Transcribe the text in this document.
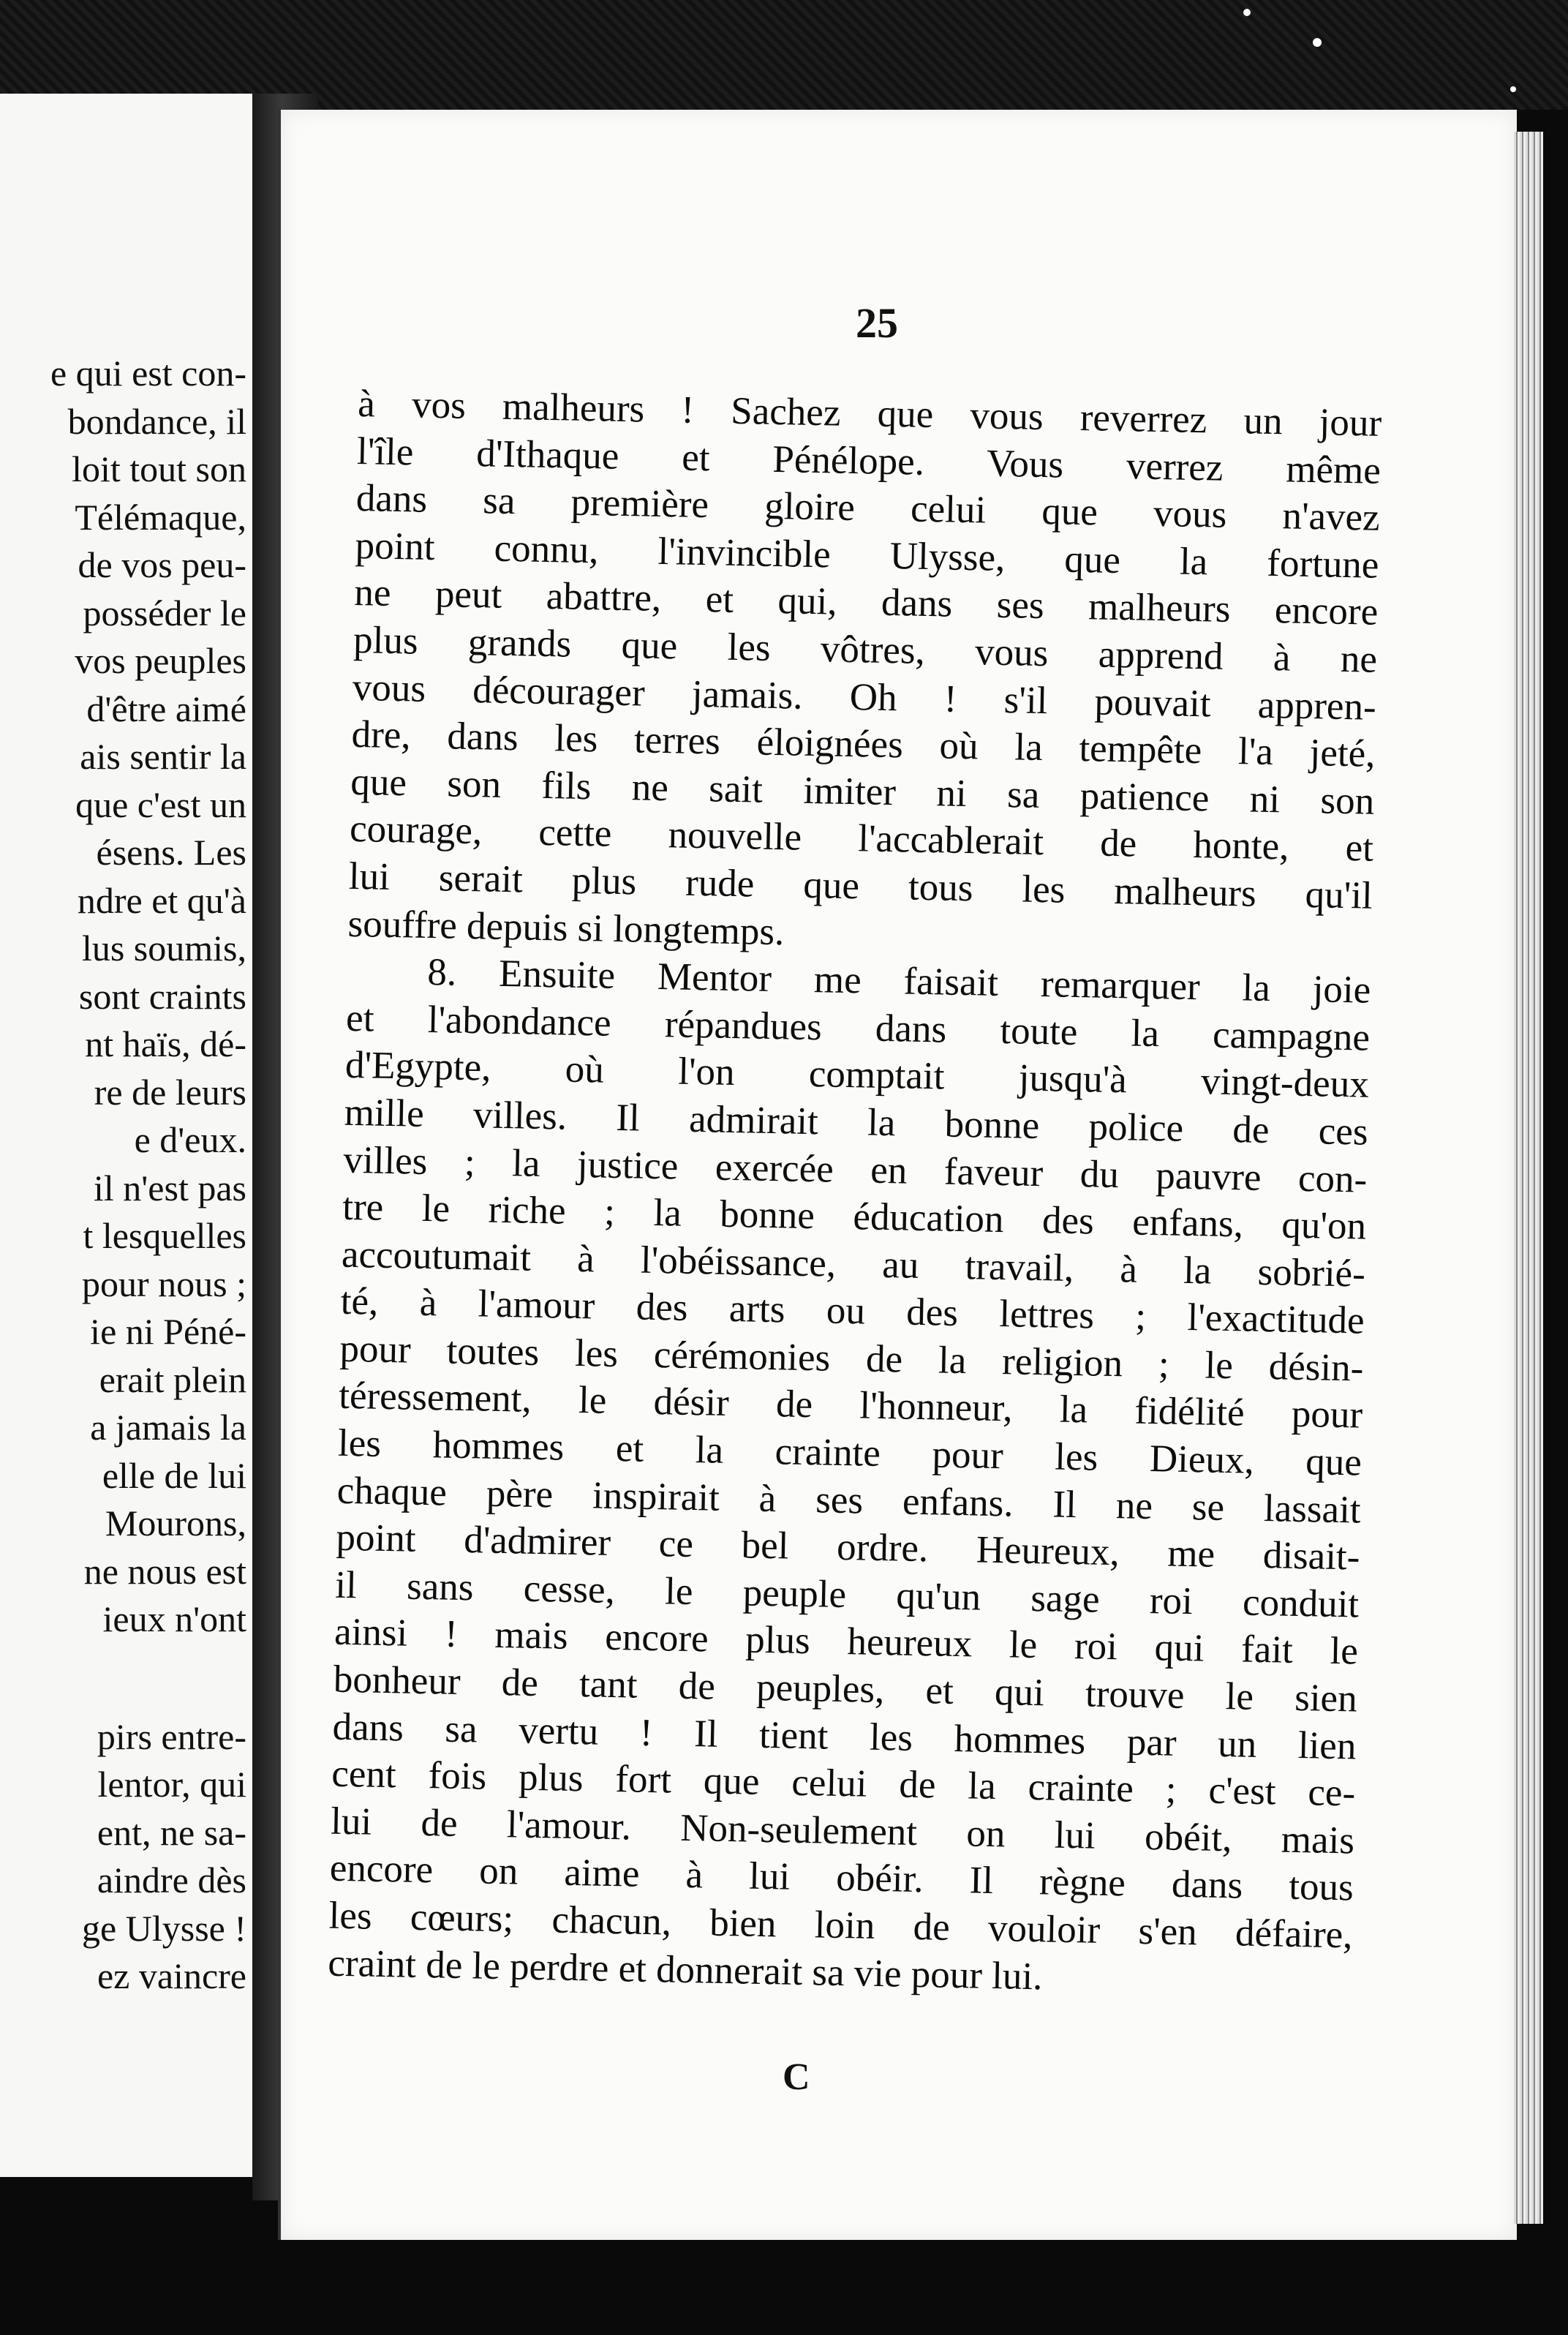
e qui est con-
bondance, il
loit tout son
Télémaque,
de vos peu-
posséder le
vos peuples
d'être aimé
ais sentir la
que c'est un
ésens. Les
ndre et qu'à
lus soumis,
sont craints
nt haïs, dé-
re de leurs
e d'eux.
il n'est pas
t lesquelles
pour nous ;
ie ni Péné-
erait plein
a jamais la
elle de lui
Mourons,
ne nous est
ieux n'ont
pirs entre-
lentor, qui
ent, ne sa-
aindre dès
ge Ulysse !
ez vaincre
25
à vos malheurs ! Sachez que vous reverrez un jour
l'île d'Ithaque et Pénélope. Vous verrez même
dans sa première gloire celui que vous n'avez
point connu, l'invincible Ulysse, que la fortune
ne peut abattre, et qui, dans ses malheurs encore
plus grands que les vôtres, vous apprend à ne
vous décourager jamais. Oh ! s'il pouvait appren-
dre, dans les terres éloignées où la tempête l'a jeté,
que son fils ne sait imiter ni sa patience ni son
courage, cette nouvelle l'accablerait de honte, et
lui serait plus rude que tous les malheurs qu'il
souffre depuis si longtemps.
8. Ensuite Mentor me faisait remarquer la joie
et l'abondance répandues dans toute la campagne
d'Egypte, où l'on comptait jusqu'à vingt-deux
mille villes. Il admirait la bonne police de ces
villes ; la justice exercée en faveur du pauvre con-
tre le riche ; la bonne éducation des enfans, qu'on
accoutumait à l'obéissance, au travail, à la sobrié-
té, à l'amour des arts ou des lettres ; l'exactitude
pour toutes les cérémonies de la religion ; le désin-
téressement, le désir de l'honneur, la fidélité pour
les hommes et la crainte pour les Dieux, que
chaque père inspirait à ses enfans. Il ne se lassait
point d'admirer ce bel ordre. Heureux, me disait-
il sans cesse, le peuple qu'un sage roi conduit
ainsi ! mais encore plus heureux le roi qui fait le
bonheur de tant de peuples, et qui trouve le sien
dans sa vertu ! Il tient les hommes par un lien
cent fois plus fort que celui de la crainte ; c'est ce-
lui de l'amour. Non-seulement on lui obéit, mais
encore on aime à lui obéir. Il règne dans tous
les cœurs; chacun, bien loin de vouloir s'en défaire,
craint de le perdre et donnerait sa vie pour lui.
C
